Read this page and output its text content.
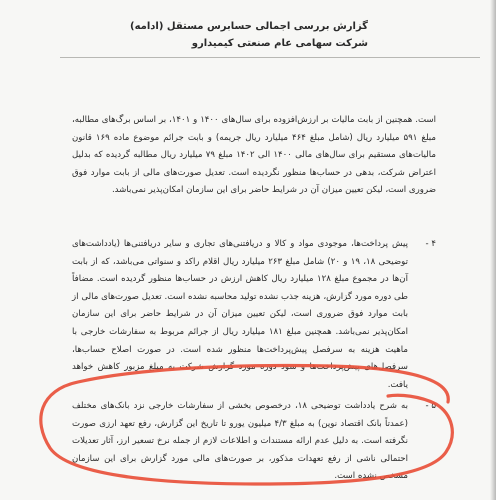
گزارش بررسی اجمالی حسابرس مستقل (ادامه)
شرکت سهامی عام صنعتی کیمیدارو
است. همچنین از بابت مالیات بر ارزش‌افزوده برای سال‌های ۱۴۰۰ و ۱۴۰۱، بر اساس برگ‌های مطالبه، مبلغ ۵۹۱ میلیارد ریال (شامل مبلغ ۴۶۴ میلیارد ریال جریمه) و بابت جرائم موضوع ماده ۱۶۹ قانون مالیات‌های مستقیم برای سال‌های مالی ۱۴۰۰ الی ۱۴۰۲ مبلغ ۷۹ میلیارد ریال مطالبه گردیده که بدلیل اعتراض شرکت، بدهی در حساب‌ها منظور نگردیده است. تعدیل صورت‌های مالی از بابت موارد فوق ضروری است، لیکن تعیین میزان آن در شرایط حاضر برای این سازمان امکان‌پذیر نمی‌باشد.
۴ -
پیش پرداخت‌ها، موجودی مواد و کالا و دریافتنی‌های تجاری و سایر دریافتنی‌ها (یادداشت‌های توضیحی ۱۸، ۱۹ و ۲۰) شامل مبلغ ۲۶۳ میلیارد ریال اقلام راکد و سنواتی می‌باشد، که از بابت آن‌ها در مجموع مبلغ ۱۲۸ میلیارد ریال کاهش ارزش در حساب‌ها منظور گردیده است. مضافاً طی دوره مورد گزارش، هزینه جذب نشده تولید محاسبه نشده است. تعدیل صورت‌های مالی از بابت موارد فوق ضروری است، لیکن تعیین میزان آن در شرایط حاضر برای این سازمان امکان‌پذیر نمی‌باشد. همچنین مبلغ ۱۸۱ میلیارد ریال از جرائم مربوط به سفارشات خارجی با ماهیت هزینه به سرفصل پیش‌پرداخت‌ها منظور شده است. در صورت اصلاح حساب‌ها، سرفصل‌های پیش‌پرداخت‌ها و سود دوره مورد گزارش شرکت به مبلغ مزبور کاهش خواهد یافت.
۵ -
به شرح یادداشت توضیحی ۱۸، درخصوص بخشی از سفارشات خارجی نزد بانک‌های مختلف (عمدتاً بانک اقتصاد نوین) به مبلغ ۴/۳ میلیون یورو تا تاریخ این گزارش، رفع تعهد ارزی صورت نگرفته است. به دلیل عدم ارائه مستندات و اطلاعات لازم از جمله نرخ تسعیر ارز، آثار تعدیلات احتمالی ناشی از رفع تعهدات مذکور، بر صورت‌های مالی مورد گزارش برای این سازمان مشخص نشده است.
